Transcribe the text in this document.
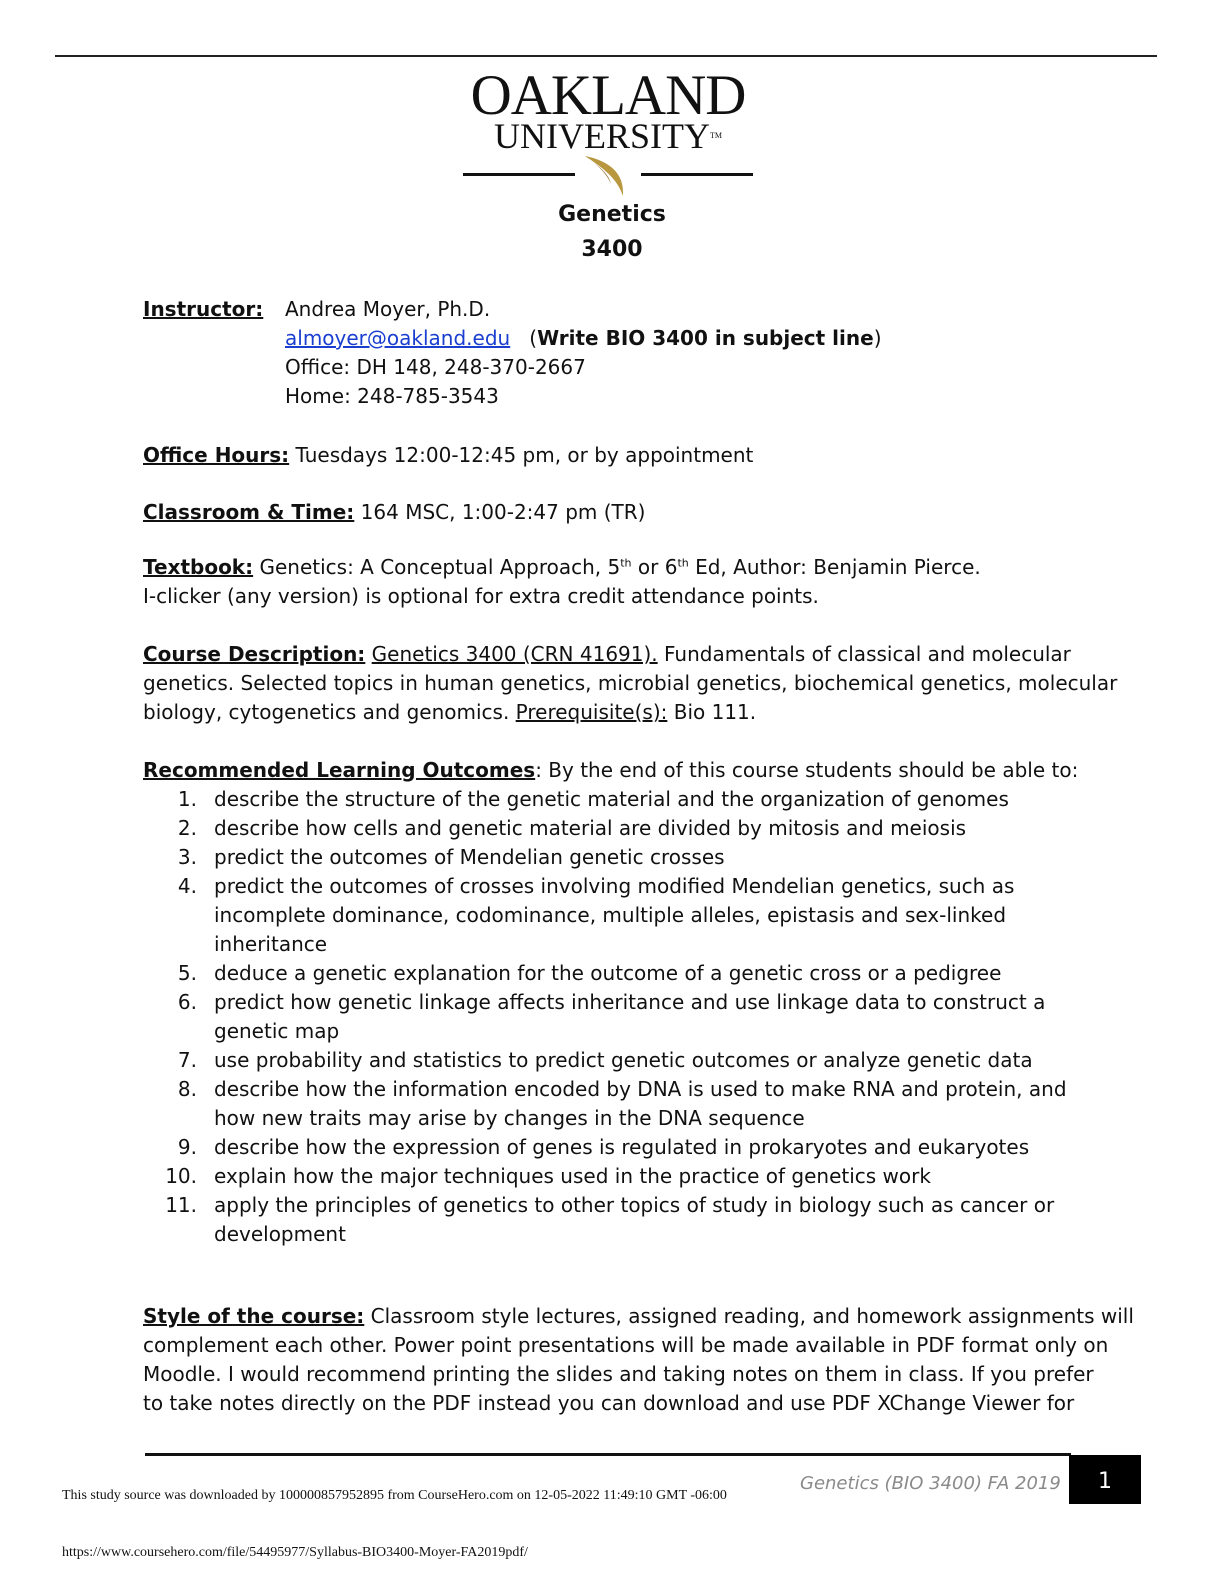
OAKLAND
UNIVERSITYTM
Genetics
3400
Instructor: Andrea Moyer, Ph.D.
almoyer@oakland.edu   (Write BIO 3400 in subject line)
Office: DH 148, 248-370-2667
Home: 248-785-3543
Office Hours: Tuesdays 12:00-12:45 pm, or by appointment
Classroom & Time: 164 MSC, 1:00-2:47 pm (TR)
Textbook: Genetics: A Conceptual Approach, 5th or 6th Ed, Author: Benjamin Pierce.
I-clicker (any version) is optional for extra credit attendance points.
Course Description: Genetics 3400 (CRN 41691). Fundamentals of classical and molecular
genetics. Selected topics in human genetics, microbial genetics, biochemical genetics, molecular
biology, cytogenetics and genomics. Prerequisite(s): Bio 111.
Recommended Learning Outcomes: By the end of this course students should be able to:
1. describe the structure of the genetic material and the organization of genomes
2. describe how cells and genetic material are divided by mitosis and meiosis
3. predict the outcomes of Mendelian genetic crosses
4. predict the outcomes of crosses involving modified Mendelian genetics, such as
incomplete dominance, codominance, multiple alleles, epistasis and sex-linked
inheritance
5. deduce a genetic explanation for the outcome of a genetic cross or a pedigree
6. predict how genetic linkage affects inheritance and use linkage data to construct a
genetic map
7. use probability and statistics to predict genetic outcomes or analyze genetic data
8. describe how the information encoded by DNA is used to make RNA and protein, and
how new traits may arise by changes in the DNA sequence
9. describe how the expression of genes is regulated in prokaryotes and eukaryotes
10. explain how the major techniques used in the practice of genetics work
11. apply the principles of genetics to other topics of study in biology such as cancer or
development
Style of the course: Classroom style lectures, assigned reading, and homework assignments will
complement each other. Power point presentations will be made available in PDF format only on
Moodle. I would recommend printing the slides and taking notes on them in class. If you prefer
to take notes directly on the PDF instead you can download and use PDF XChange Viewer for
Genetics (BIO 3400) FA 2019	1
This study source was downloaded by 100000857952895 from CourseHero.com on 12-05-2022 11:49:10 GMT -06:00
https://www.coursehero.com/file/54495977/Syllabus-BIO3400-Moyer-FA2019pdf/
